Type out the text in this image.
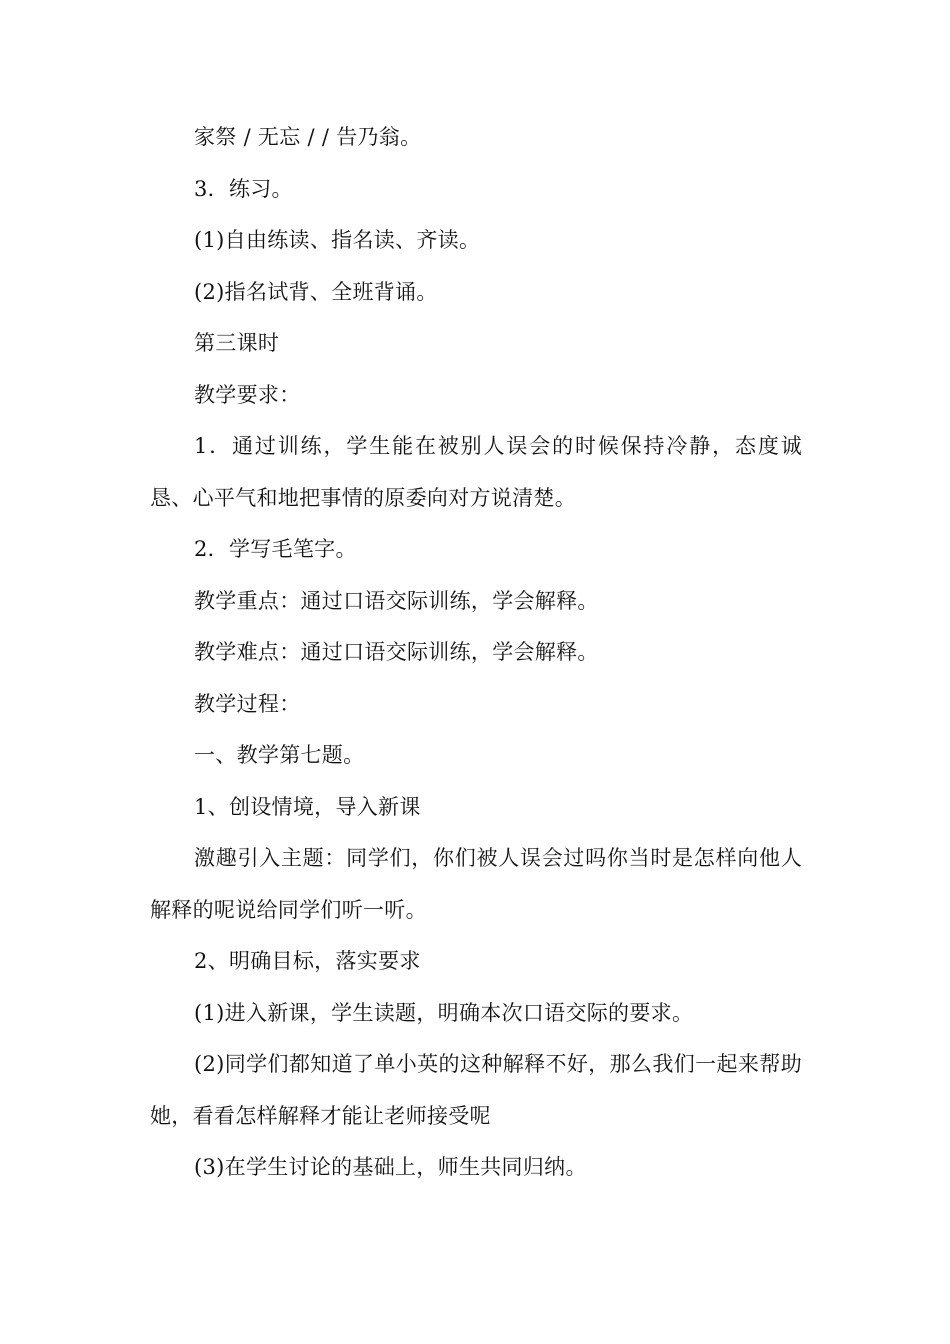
家祭 / 无忘 / / 告乃翁。

3．练习。

(1)自由练读、指名读、齐读。

(2)指名试背、全班背诵。

第三课时

教学要求：

1．通过训练，学生能在被别人误会的时候保持冷静，态度诚恳、心平气和地把事情的原委向对方说清楚。

2．学写毛笔字。

教学重点：通过口语交际训练，学会解释。

教学难点：通过口语交际训练，学会解释。

教学过程：

一、教学第七题。

1、创设情境，导入新课

激趣引入主题：同学们，你们被人误会过吗你当时是怎样向他人解释的呢说给同学们听一听。

2、明确目标，落实要求

(1)进入新课，学生读题，明确本次口语交际的要求。

(2)同学们都知道了单小英的这种解释不好，那么我们一起来帮助她，看看怎样解释才能让老师接受呢

(3)在学生讨论的基础上，师生共同归纳。
